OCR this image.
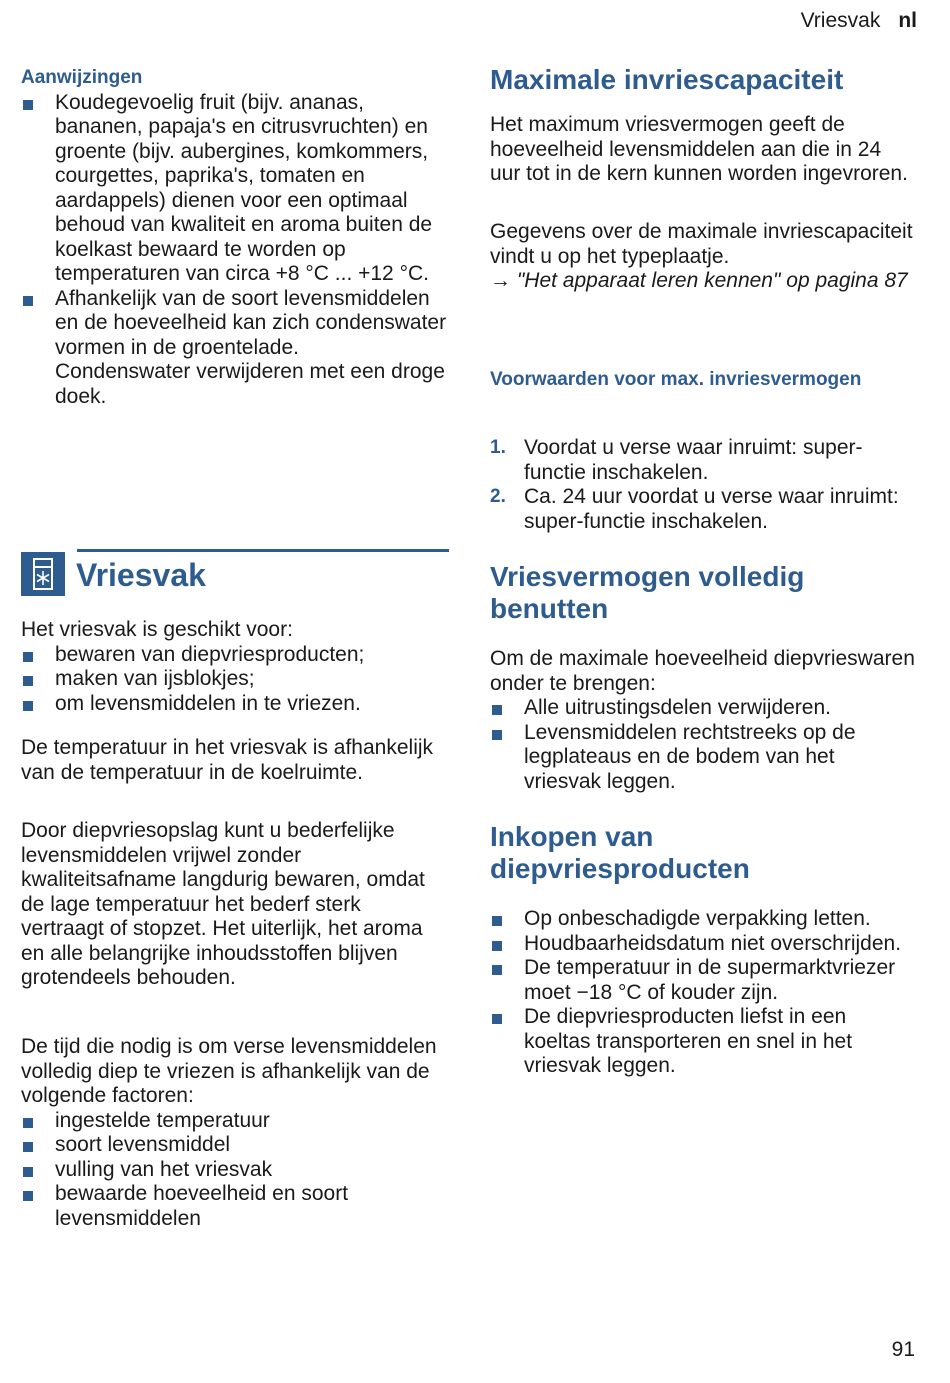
Vriesvak nl

Aanwijzingen

Koudegevoelig fruit (bijv. ananas, bananen, papaja's en citrusvruchten) en groente (bijv. aubergines, komkommers, courgettes, paprika's, tomaten en aardappels) dienen voor een optimaal behoud van kwaliteit en aroma buiten de koelkast bewaard te worden op temperaturen van circa +8 °C ... +12 °C.
Afhankelijk van de soort levensmiddelen en de hoeveelheid kan zich condenswater vormen in de groentelade.
Condenswater verwijderen met een droge doek.
Vriesvak

Het vriesvak is geschikt voor:

bewaren van diepvriesproducten;
maken van ijsblokjes;
om levensmiddelen in te vriezen.

De temperatuur in het vriesvak is afhankelijk van de temperatuur in de koelruimte.

Door diepvriesopslag kunt u bederfelijke levensmiddelen vrijwel zonder kwaliteitsafname langdurig bewaren, omdat de lage temperatuur het bederf sterk vertraagt of stopzet. Het uiterlijk, het aroma en alle belangrijke inhoudsstoffen blijven grotendeels behouden.

De tijd die nodig is om verse levensmiddelen volledig diep te vriezen is afhankelijk van de volgende factoren:

ingestelde temperatuur
soort levensmiddel
vulling van het vriesvak
bewaarde hoeveelheid en soort levensmiddelen
Maximale invriescapaciteit

Het maximum vriesvermogen geeft de hoeveelheid levensmiddelen aan die in 24 uur tot in de kern kunnen worden ingevroren.

Gegevens over de maximale invriescapaciteit vindt u op het typeplaatje.

→ "Het apparaat leren kennen" op pagina 87

Voorwaarden voor max. invriesvermogen

1. Voordat u verse waar inruimt: super-functie inschakelen.
2. Ca. 24 uur voordat u verse waar inruimt: super-functie inschakelen.
Vriesvermogen volledig benutten

Om de maximale hoeveelheid diepvrieswaren onder te brengen:

Alle uitrustingsdelen verwijderen.
Levensmiddelen rechtstreeks op de legplateaus en de bodem van het vriesvak leggen.
Inkopen van diepvriesproducten
Op onbeschadigde verpakking letten.
Houdbaarheidsdatum niet overschrijden.
De temperatuur in de supermarktvriezer moet −18 °C of kouder zijn.
De diepvriesproducten liefst in een koeltas transporteren en snel in het vriesvak leggen.
91
